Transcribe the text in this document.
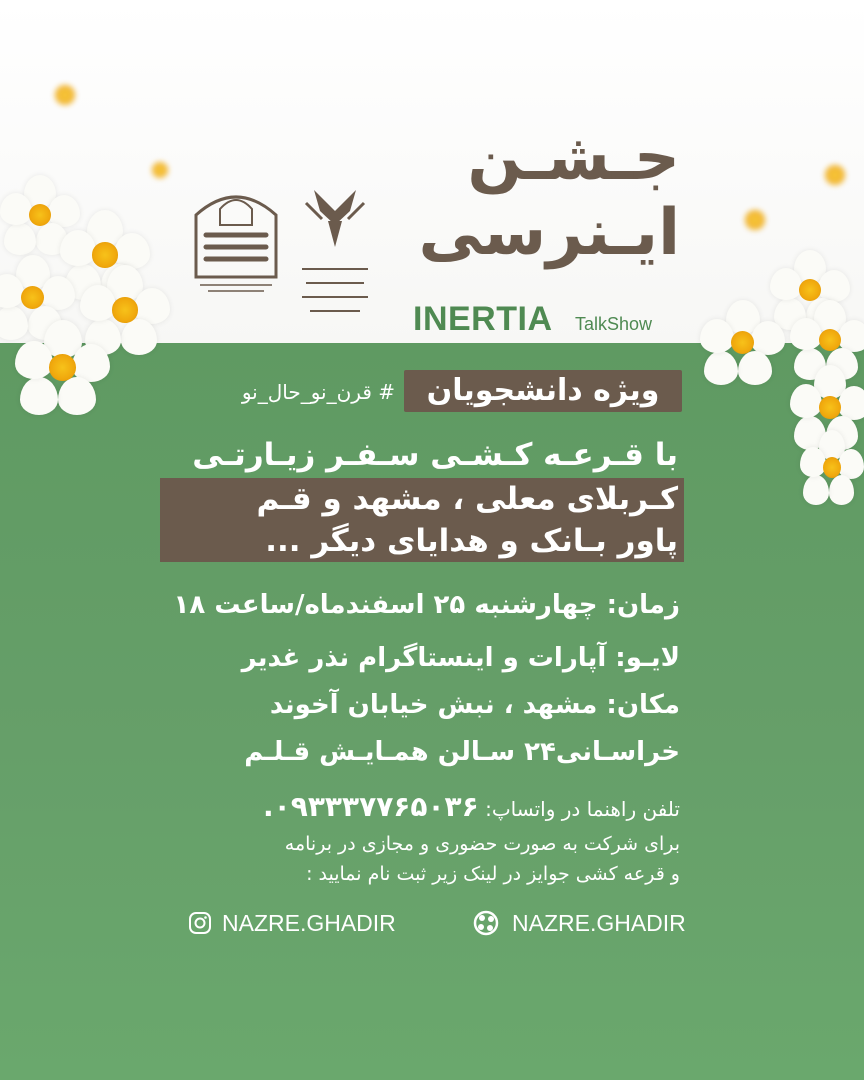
جـشـن
ایـنرسی
INERTIA TalkShow
ویژه دانشجویان
# قرن_نو_حال_نو
با قـرعـه کـشـی سـفـر زیـارتـی
کـربلای معلی ، مشهد و قـم
پاور بـانک و هدایای دیگر ...
زمان: چهارشنبه ۲۵ اسفندماه/ساعت ۱۸
لایـو: آپارات و اینستاگرام نذر غدیر
مکان: مشهد ، نبش خیابان آخوند
خراسـانی۲۴ سـالن همـایـش قـلـم
تلفن راهنما در واتساپ: ۰۹۳۳۳۷۷۶۵۰۳۶.
برای شرکت به صورت حضوری و مجازی در برنامه
و قرعه کشی جوایز در لینک زیر ثبت نام نمایید :
NAZRE.GHADIR	NAZRE.GHADIR
